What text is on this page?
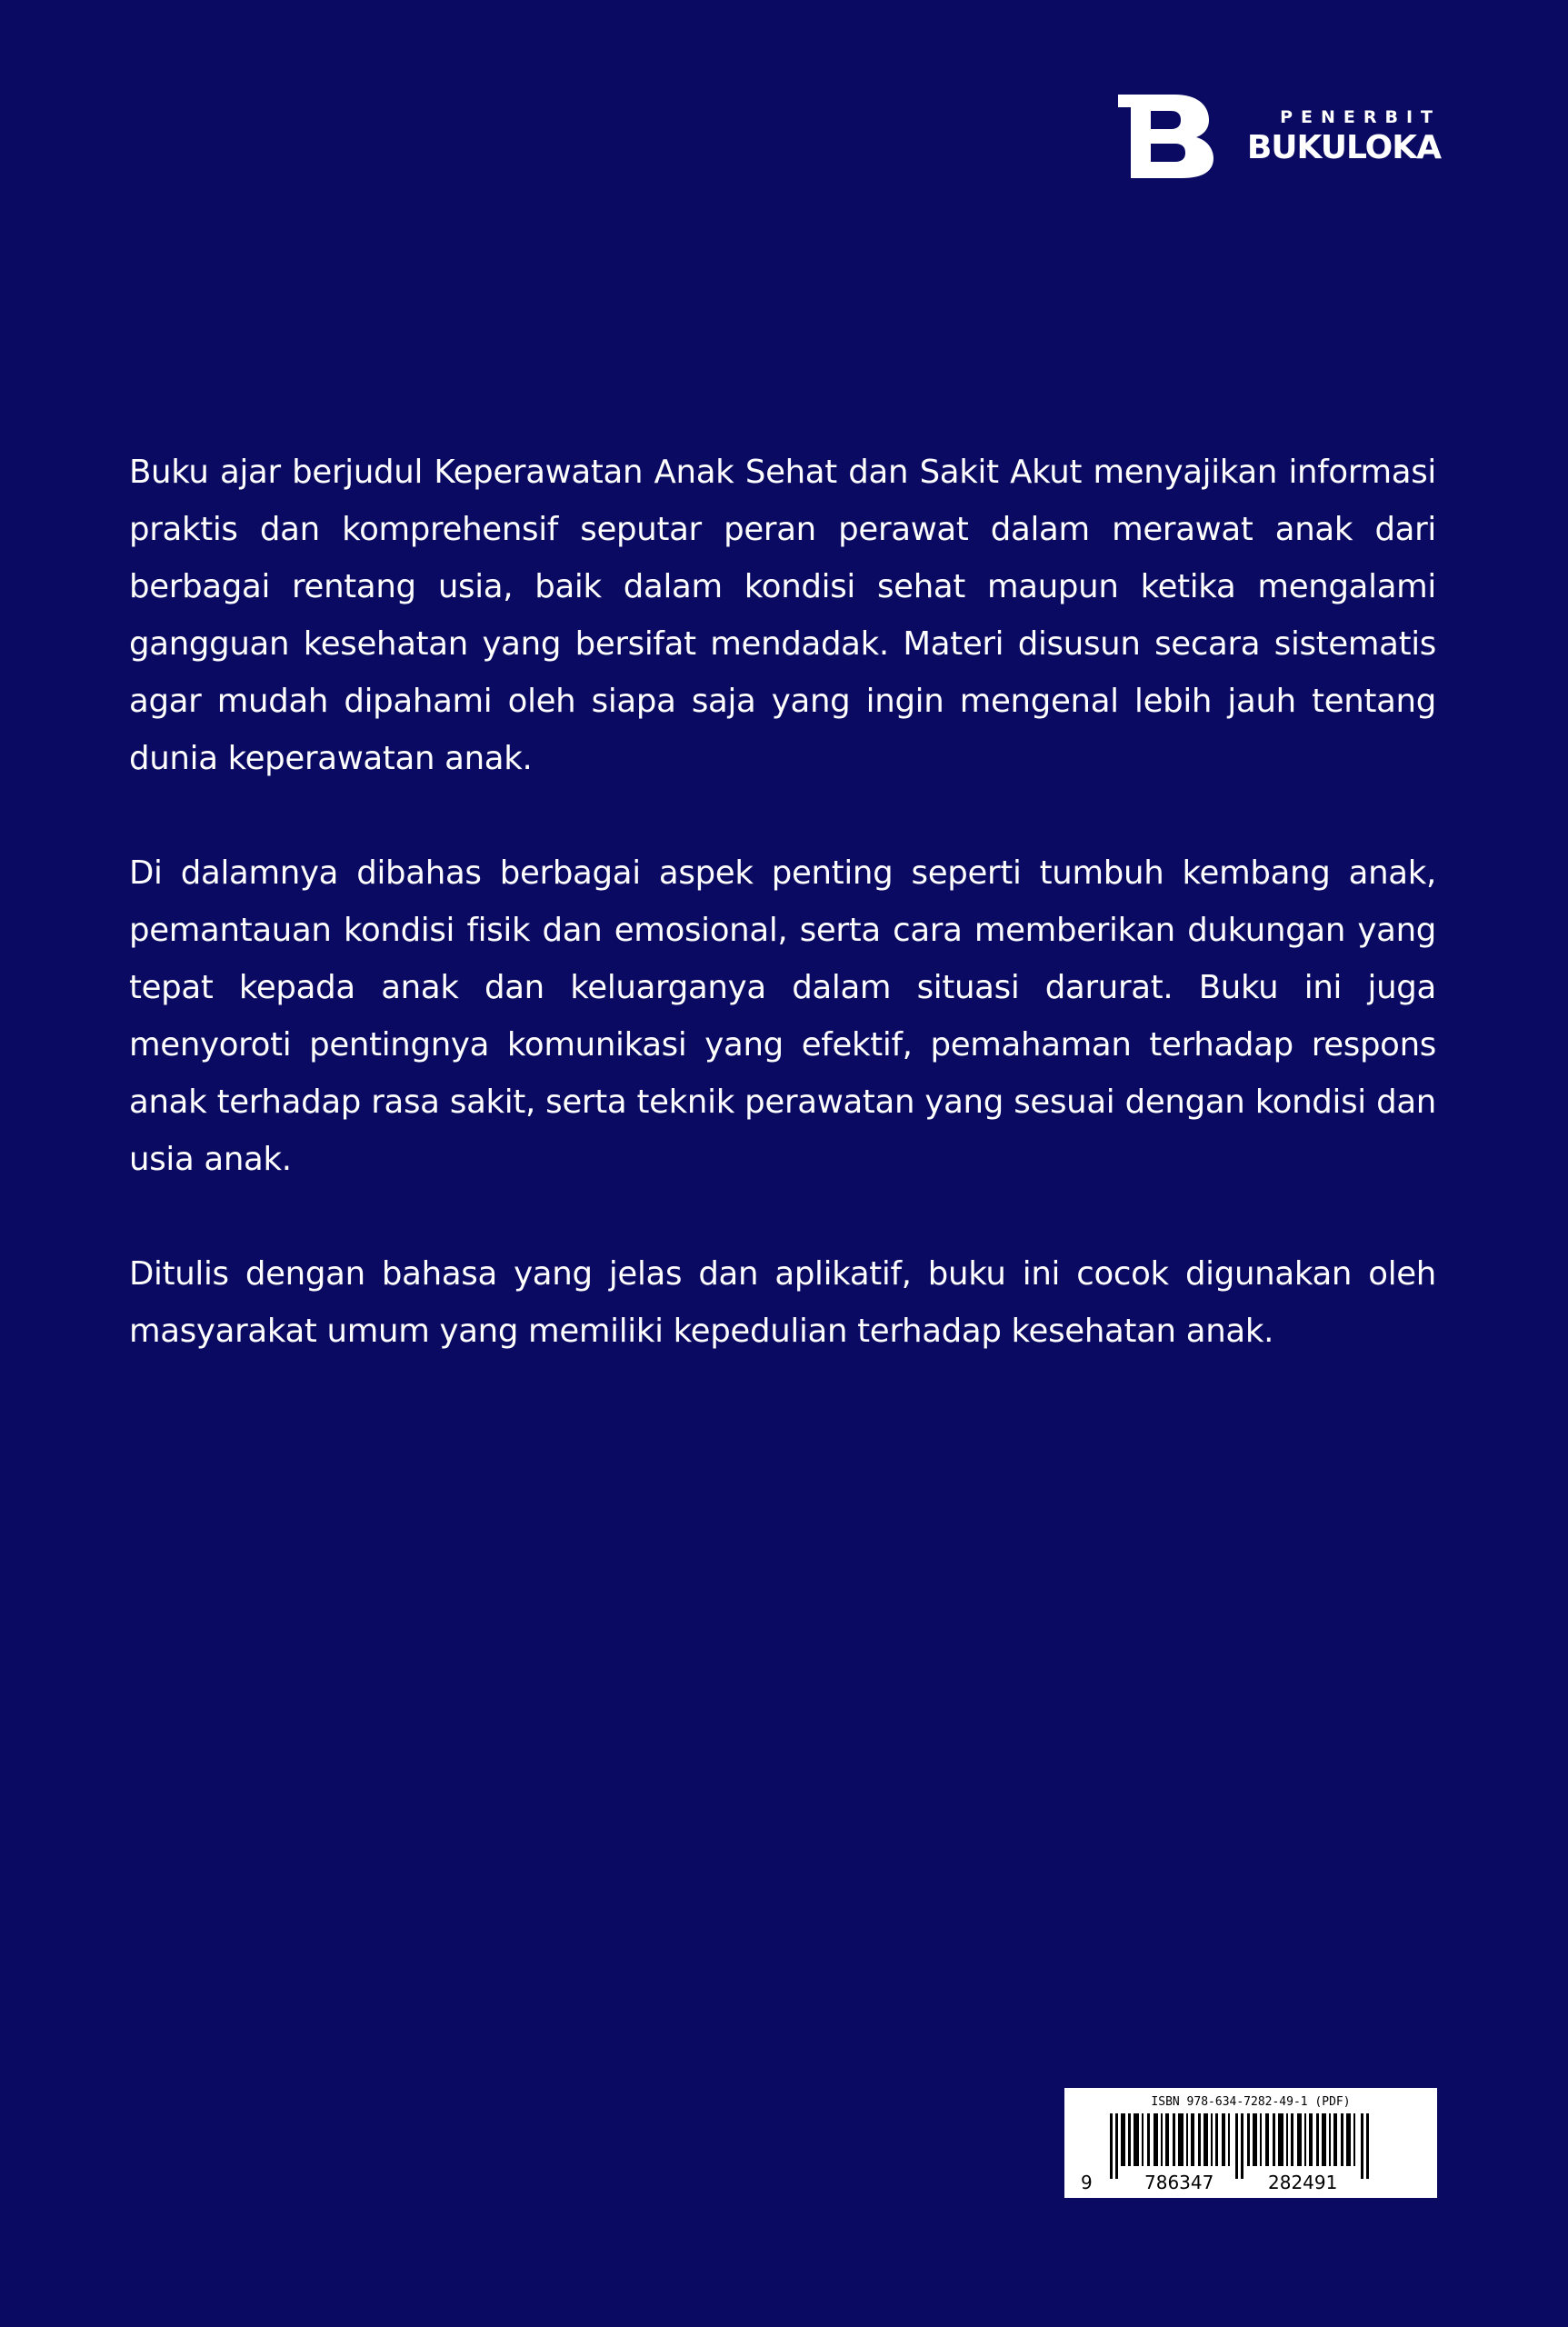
PENERBIT
BUKULOKA

Buku ajar berjudul Keperawatan Anak Sehat dan Sakit Akut menyajikan informasi praktis dan komprehensif seputar peran perawat dalam merawat anak dari berbagai rentang usia, baik dalam kondisi sehat maupun ketika mengalami gangguan kesehatan yang bersifat mendadak. Materi disusun secara sistematis agar mudah dipahami oleh siapa saja yang ingin mengenal lebih jauh tentang dunia keperawatan anak.

Di dalamnya dibahas berbagai aspek penting seperti tumbuh kembang anak, pemantauan kondisi fisik dan emosional, serta cara memberikan dukungan yang tepat kepada anak dan keluarganya dalam situasi darurat. Buku ini juga menyoroti pentingnya komunikasi yang efektif, pemahaman terhadap respons anak terhadap rasa sakit, serta teknik perawatan yang sesuai dengan kondisi dan usia anak.

Ditulis dengan bahasa yang jelas dan aplikatif, buku ini cocok digunakan oleh masyarakat umum yang memiliki kepedulian terhadap kesehatan anak.

ISBN 978-634-7282-49-1 (PDF)
9	786347	282491
